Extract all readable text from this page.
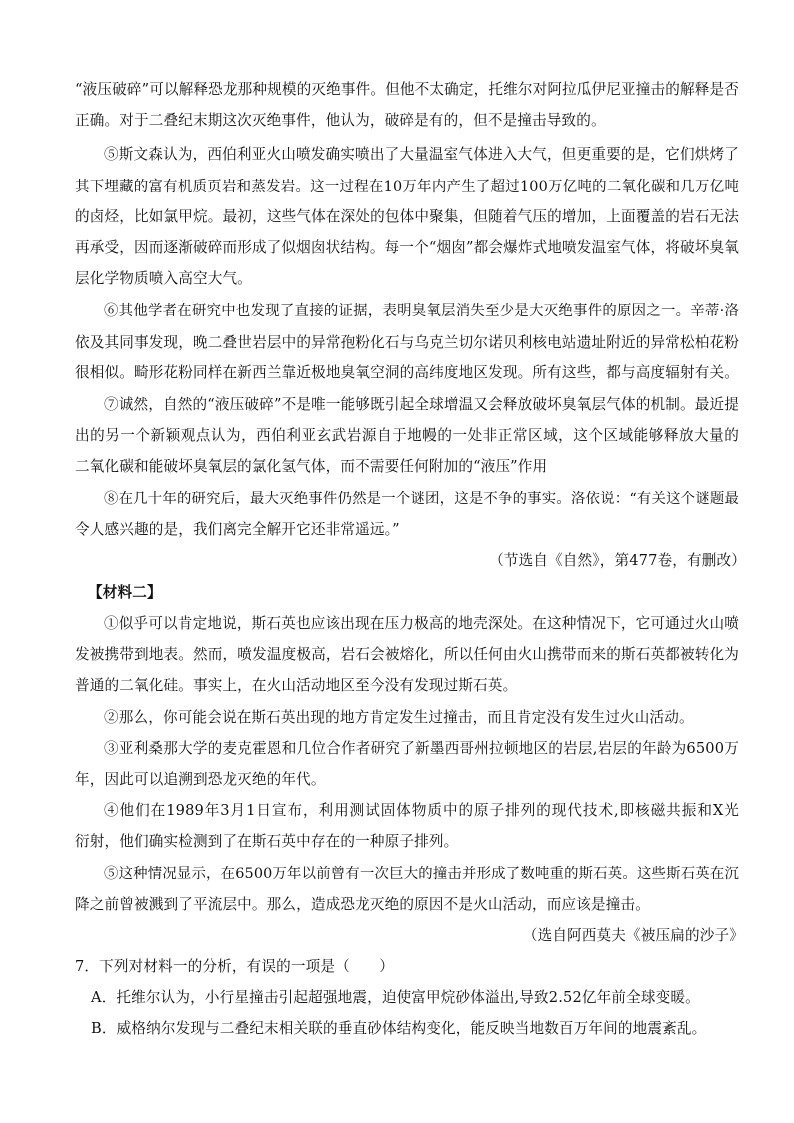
“液压破碎”可以解释恐龙那种规模的灭绝事件。但他不太确定，托维尔对阿拉瓜伊尼亚撞击的解释是否
正确。对于二叠纪末期这次灭绝事件，他认为，破碎是有的，但不是撞击导致的。
⑤斯文森认为，西伯利亚火山喷发确实喷出了大量温室气体进入大气，但更重要的是，它们烘烤了
其下埋藏的富有机质页岩和蒸发岩。这一过程在10万年内产生了超过100万亿吨的二氧化碳和几万亿吨
的卤烃，比如氯甲烷。最初，这些气体在深处的包体中聚集，但随着气压的增加，上面覆盖的岩石无法
再承受，因而逐渐破碎而形成了似烟囱状结构。每一个“烟囱”都会爆炸式地喷发温室气体，将破坏臭氧
层化学物质喷入高空大气。
⑥其他学者在研究中也发现了直接的证据，表明臭氧层消失至少是大灭绝事件的原因之一。辛蒂·洛
依及其同事发现，晚二叠世岩层中的异常孢粉化石与乌克兰切尔诺贝利核电站遗址附近的异常松柏花粉
很相似。畸形花粉同样在新西兰靠近极地臭氧空洞的高纬度地区发现。所有这些，都与高度辐射有关。
⑦诚然，自然的“液压破碎”不是唯一能够既引起全球增温又会释放破坏臭氧层气体的机制。最近提
出的另一个新颖观点认为，西伯利亚玄武岩源自于地幔的一处非正常区域，这个区域能够释放大量的
二氧化碳和能破坏臭氧层的氯化氢气体，而不需要任何附加的“液压”作用
⑧在几十年的研究后，最大灭绝事件仍然是一个谜团，这是不争的事实。洛依说：“有关这个谜题最
令人感兴趣的是，我们离完全解开它还非常遥远。”
（节选自《自然》，第477卷，有删改）
【材料二】
①似乎可以肯定地说，斯石英也应该出现在压力极高的地壳深处。在这种情况下，它可通过火山喷
发被携带到地表。然而，喷发温度极高，岩石会被熔化，所以任何由火山携带而来的斯石英都被转化为
普通的二氧化硅。事实上，在火山活动地区至今没有发现过斯石英。
②那么，你可能会说在斯石英出现的地方肯定发生过撞击，而且肯定没有发生过火山活动。
③亚利桑那大学的麦克霍恩和几位合作者研究了新墨西哥州拉顿地区的岩层,岩层的年龄为6500万
年，因此可以追溯到恐龙灭绝的年代。
④他们在1989年3月1日宣布，利用测试固体物质中的原子排列的现代技术,即核磁共振和X光
衍射，他们确实检测到了在斯石英中存在的一种原子排列。
⑤这种情况显示，在6500万年以前曾有一次巨大的撞击并形成了数吨重的斯石英。这些斯石英在沉
降之前曾被溅到了平流层中。那么，造成恐龙灭绝的原因不是火山活动，而应该是撞击。
（选自阿西莫夫《被压扁的沙子》
7．下列对材料一的分析，有误的一项是（　　）
A．托维尔认为，小行星撞击引起超强地震，迫使富甲烷砂体溢出,导致2.52亿年前全球变暖。
B．威格纳尔发现与二叠纪末相关联的垂直砂体结构变化，能反映当地数百万年间的地震紊乱。
